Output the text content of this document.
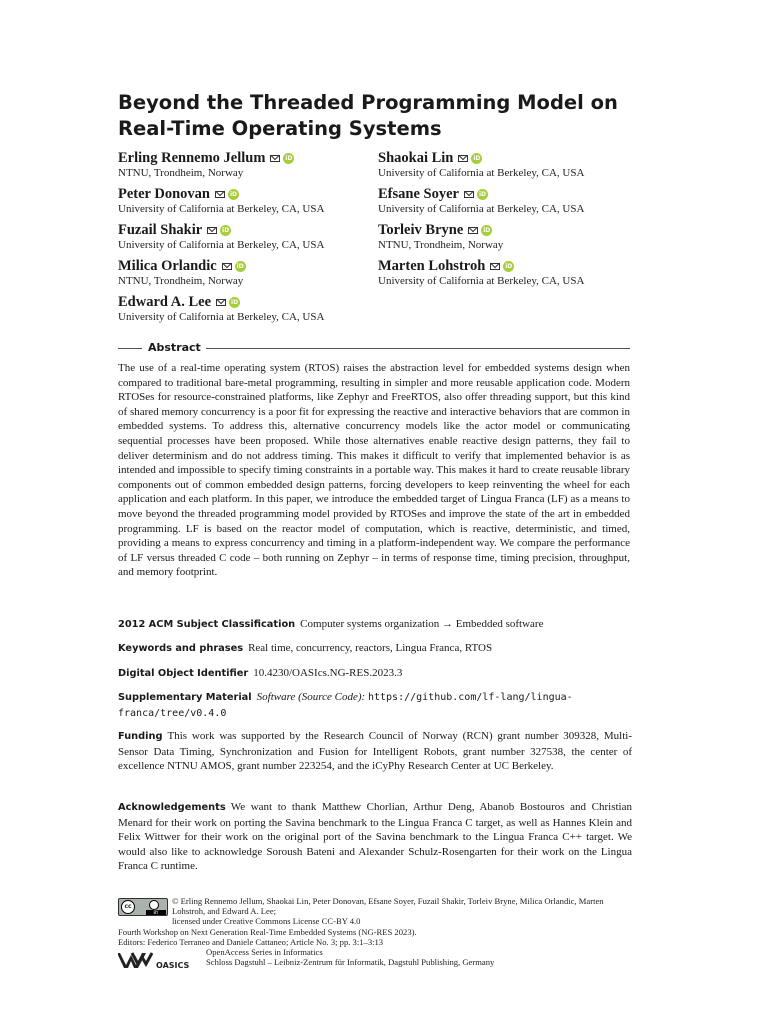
Beyond the Threaded Programming Model on Real-Time Operating Systems
Erling Rennemo Jellum	iD
NTNU, Trondheim, Norway
Peter Donovan	iD
University of California at Berkeley, CA, USA
Fuzail Shakir	iD
University of California at Berkeley, CA, USA
Milica Orlandic	iD
NTNU, Trondheim, Norway
Edward A. Lee	iD
University of California at Berkeley, CA, USA
Shaokai Lin	iD
University of California at Berkeley, CA, USA
Efsane Soyer	iD
University of California at Berkeley, CA, USA
Torleiv Bryne	iD
NTNU, Trondheim, Norway
Marten Lohstroh	iD
University of California at Berkeley, CA, USA
Abstract
The use of a real-time operating system (RTOS) raises the abstraction level for embedded systems design when compared to traditional bare-metal programming, resulting in simpler and more reusable application code. Modern RTOSes for resource-constrained platforms, like Zephyr and FreeRTOS, also offer threading support, but this kind of shared memory concurrency is a poor fit for expressing the reactive and interactive behaviors that are common in embedded systems. To address this, alternative concurrency models like the actor model or communicating sequential processes have been proposed. While those alternatives enable reactive design patterns, they fail to deliver determinism and do not address timing. This makes it difficult to verify that implemented behavior is as intended and impossible to specify timing constraints in a portable way. This makes it hard to create reusable library components out of common embedded design patterns, forcing developers to keep reinventing the wheel for each application and each platform. In this paper, we introduce the embedded target of Lingua Franca (LF) as a means to move beyond the threaded programming model provided by RTOSes and improve the state of the art in embedded programming. LF is based on the reactor model of computation, which is reactive, deterministic, and timed, providing a means to express concurrency and timing in a platform-independent way. We compare the performance of LF versus threaded C code – both running on Zephyr – in terms of response time, timing precision, throughput, and memory footprint.
2012 ACM Subject Classification Computer systems organization → Embedded software
Keywords and phrases Real time, concurrency, reactors, Lingua Franca, RTOS
Digital Object Identifier 10.4230/OASIcs.NG-RES.2023.3
Supplementary Material Software (Source Code): https://github.com/lf-lang/lingua-franca/tree/v0.4.0
Funding This work was supported by the Research Council of Norway (RCN) grant number 309328, Multi-Sensor Data Timing, Synchronization and Fusion for Intelligent Robots, grant number 327538, the center of excellence NTNU AMOS, grant number 223254, and the iCyPhy Research Center at UC Berkeley.
Acknowledgements We want to thank Matthew Chorlian, Arthur Deng, Abanob Bostouros and Christian Menard for their work on porting the Savina benchmark to the Lingua Franca C target, as well as Hannes Klein and Felix Wittwer for their work on the original port of the Savina benchmark to the Lingua Franca C++ target. We would also like to acknowledge Soroush Bateni and Alexander Schulz-Rosengarten for their work on the Lingua Franca C runtime.
cc
BY
© Erling Rennemo Jellum, Shaokai Lin, Peter Donovan, Efsane Soyer, Fuzail Shakir, Torleiv Bryne, Milica Orlandic, Marten Lohstroh, and Edward A. Lee;
licensed under Creative Commons License CC-BY 4.0
Fourth Workshop on Next Generation Real-Time Embedded Systems (NG-RES 2023).
Editors: Federico Terraneo and Daniele Cattaneo; Article No. 3; pp. 3:1–3:13
OASICS
OpenAccess Series in Informatics
Schloss Dagstuhl – Leibniz-Zentrum für Informatik, Dagstuhl Publishing, Germany
